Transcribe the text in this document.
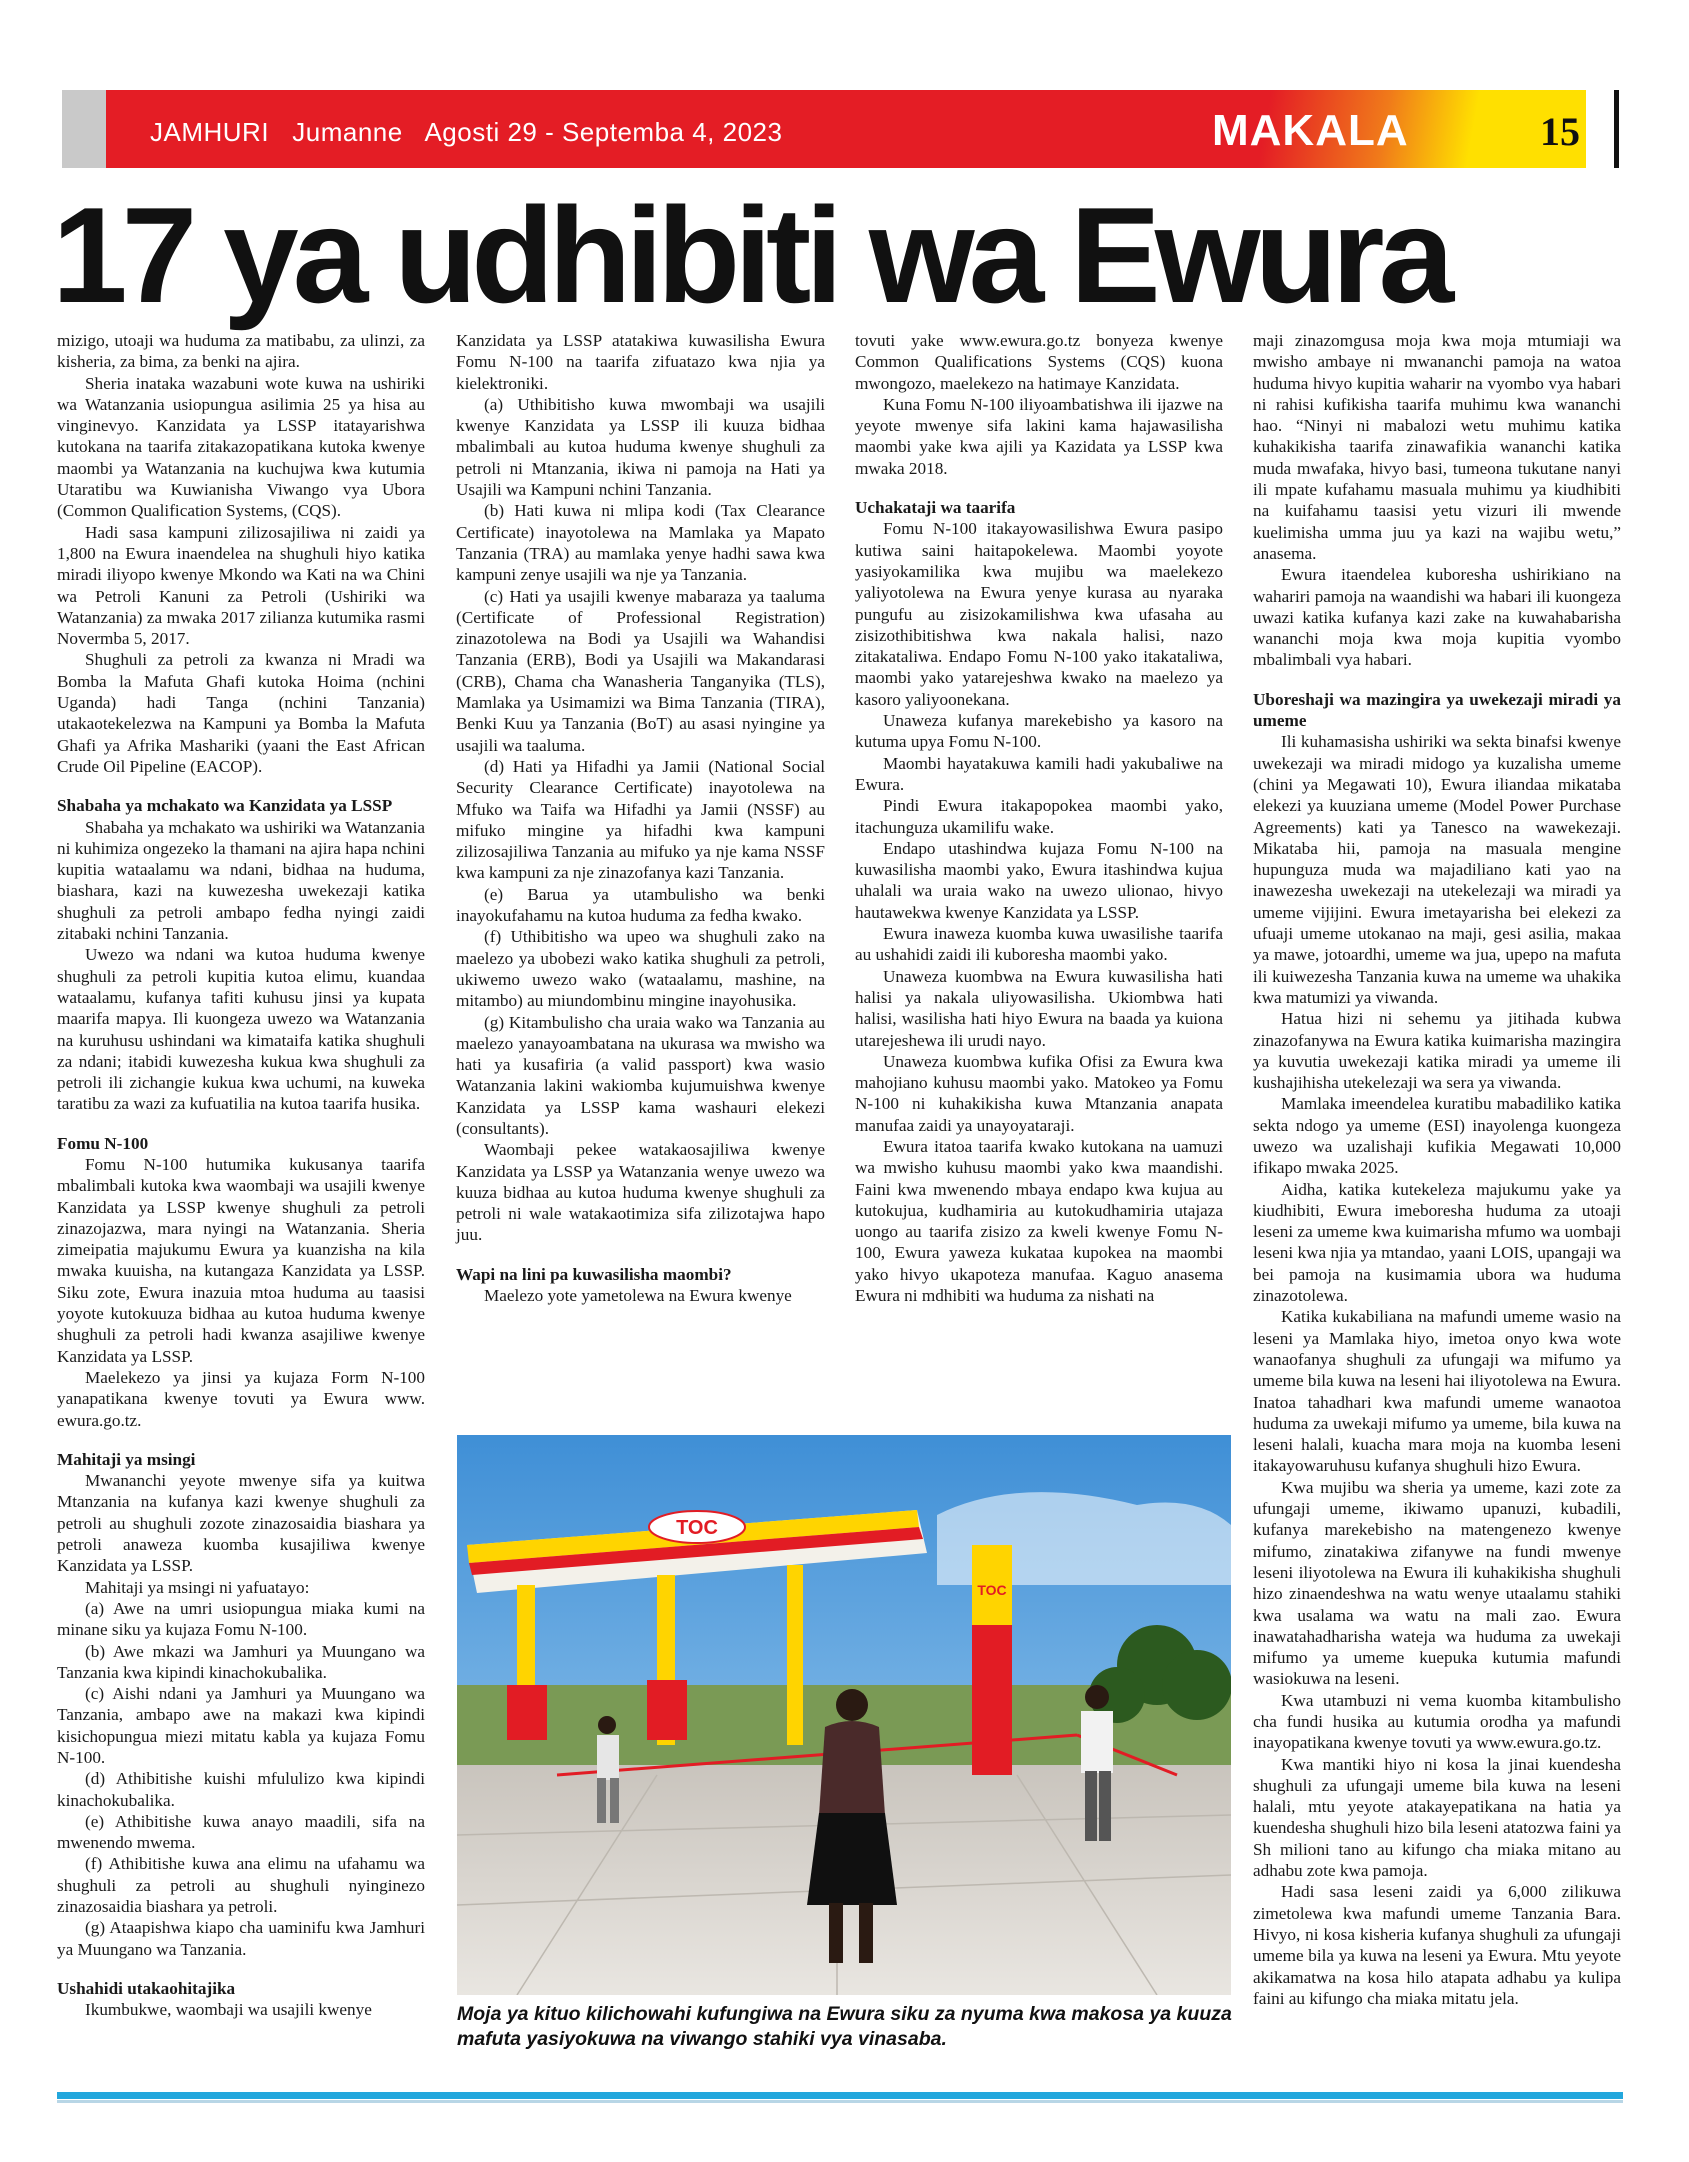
JAMHURI Jumanne Agosti 29 - Septemba 4, 2023	MAKALA	15
17 ya udhibiti wa Ewura

mizigo, utoaji wa huduma za matibabu, za ulinzi, za kisheria, za bima, za benki na ajira.

Sheria inataka wazabuni wote kuwa na ushiriki wa Watanzania usiopungua asilimia 25 ya hisa au vinginevyo. Kanzidata ya LSSP itatayarishwa kutokana na taarifa zitakazopatikana kutoka kwenye maombi ya Watanzania na kuchujwa kwa kutumia Utaratibu wa Kuwianisha Viwango vya Ubora (Common Qualification Systems, (CQS).

Hadi sasa kampuni zilizosajiliwa ni zaidi ya 1,800 na Ewura inaendelea na shughuli hiyo katika miradi iliyopo kwenye Mkondo wa Kati na wa Chini wa Petroli Kanuni za Petroli (Ushiriki wa Watanzania) za mwaka 2017 zilianza kutumika rasmi Novermba 5, 2017.

Shughuli za petroli za kwanza ni Mradi wa Bomba la Mafuta Ghafi kutoka Hoima (nchini Uganda) hadi Tanga (nchini Tanzania) utakaotekelezwa na Kampuni ya Bomba la Mafuta Ghafi ya Afrika Mashariki (yaani the East African Crude Oil Pipeline (EACOP).

Shabaha ya mchakato wa Kanzidata ya LSSP

Shabaha ya mchakato wa ushiriki wa Watanzania ni kuhimiza ongezeko la thamani na ajira hapa nchini kupitia wataalamu wa ndani, bidhaa na huduma, biashara, kazi na kuwezesha uwekezaji katika shughuli za petroli ambapo fedha nyingi zaidi zitabaki nchini Tanzania.

Uwezo wa ndani wa kutoa huduma kwenye shughuli za petroli kupitia kutoa elimu, kuandaa wataalamu, kufanya tafiti kuhusu jinsi ya kupata maarifa mapya. Ili kuongeza uwezo wa Watanzania na kuruhusu ushindani wa kimataifa katika shughuli za ndani; itabidi kuwezesha kukua kwa shughuli za petroli ili zichangie kukua kwa uchumi, na kuweka taratibu za wazi za kufuatilia na kutoa taarifa husika.

Fomu N-100

Fomu N-100 hutumika kukusanya taarifa mbalimbali kutoka kwa waombaji wa usajili kwenye Kanzidata ya LSSP kwenye shughuli za petroli zinazojazwa, mara nyingi na Watanzania. Sheria zimeipatia majukumu Ewura ya kuanzisha na kila mwaka kuuisha, na kutangaza Kanzidata ya LSSP. Siku zote, Ewura inazuia mtoa huduma au taasisi yoyote kutokuuza bidhaa au kutoa huduma kwenye shughuli za petroli hadi kwanza asajiliwe kwenye Kanzidata ya LSSP.

Maelekezo ya jinsi ya kujaza Form N-100 yanapatikana kwenye tovuti ya Ewura www. ewura.go.tz.

Mahitaji ya msingi

Mwananchi yeyote mwenye sifa ya kuitwa Mtanzania na kufanya kazi kwenye shughuli za petroli au shughuli zozote zinazosaidia biashara ya petroli anaweza kuomba kusajiliwa kwenye Kanzidata ya LSSP.

Mahitaji ya msingi ni yafuatayo:

(a) Awe na umri usiopungua miaka kumi na minane siku ya kujaza Fomu N-100.

(b) Awe mkazi wa Jamhuri ya Muungano wa Tanzania kwa kipindi kinachokubalika.

(c) Aishi ndani ya Jamhuri ya Muungano wa Tanzania, ambapo awe na makazi kwa kipindi kisichopungua miezi mitatu kabla ya kujaza Fomu N-100.

(d) Athibitishe kuishi mfululizo kwa kipindi kinachokubalika.

(e) Athibitishe kuwa anayo maadili, sifa na mwenendo mwema.

(f) Athibitishe kuwa ana elimu na ufahamu wa shughuli za petroli au shughuli nyinginezo zinazosaidia biashara ya petroli.

(g) Ataapishwa kiapo cha uaminifu kwa Jamhuri ya Muungano wa Tanzania.

Ushahidi utakaohitajika

Ikumbukwe, waombaji wa usajili kwenye

Kanzidata ya LSSP atatakiwa kuwasilisha Ewura Fomu N-100 na taarifa zifuatazo kwa njia ya kielektroniki.

(a) Uthibitisho kuwa mwombaji wa usajili kwenye Kanzidata ya LSSP ili kuuza bidhaa mbalimbali au kutoa huduma kwenye shughuli za petroli ni Mtanzania, ikiwa ni pamoja na Hati ya Usajili wa Kampuni nchini Tanzania.

(b) Hati kuwa ni mlipa kodi (Tax Clearance Certificate) inayotolewa na Mamlaka ya Mapato Tanzania (TRA) au mamlaka yenye hadhi sawa kwa kampuni zenye usajili wa nje ya Tanzania.

(c) Hati ya usajili kwenye mabaraza ya taaluma (Certificate of Professional Registration) zinazotolewa na Bodi ya Usajili wa Wahandisi Tanzania (ERB), Bodi ya Usajili wa Makandarasi (CRB), Chama cha Wanasheria Tanganyika (TLS), Mamlaka ya Usimamizi wa Bima Tanzania (TIRA), Benki Kuu ya Tanzania (BoT) au asasi nyingine ya usajili wa taaluma.

(d) Hati ya Hifadhi ya Jamii (National Social Security Clearance Certificate) inayotolewa na Mfuko wa Taifa wa Hifadhi ya Jamii (NSSF) au mifuko mingine ya hifadhi kwa kampuni zilizosajiliwa Tanzania au mifuko ya nje kama NSSF kwa kampuni za nje zinazofanya kazi Tanzania.

(e) Barua ya utambulisho wa benki inayokufahamu na kutoa huduma za fedha kwako.

(f) Uthibitisho wa upeo wa shughuli zako na maelezo ya ubobezi wako katika shughuli za petroli, ukiwemo uwezo wako (wataalamu, mashine, na mitambo) au miundombinu mingine inayohusika.

(g) Kitambulisho cha uraia wako wa Tanzania au maelezo yanayoambatana na ukurasa wa mwisho wa hati ya kusafiria (a valid passport) kwa wasio Watanzania lakini wakiomba kujumuishwa kwenye Kanzidata ya LSSP kama washauri elekezi (consultants).

Waombaji pekee watakaosajiliwa kwenye Kanzidata ya LSSP ya Watanzania wenye uwezo wa kuuza bidhaa au kutoa huduma kwenye shughuli za petroli ni wale watakaotimiza sifa zilizotajwa hapo juu.

Wapi na lini pa kuwasilisha maombi?

Maelezo yote yametolewa na Ewura kwenye

tovuti yake www.ewura.go.tz bonyeza kwenye Common Qualifications Systems (CQS) kuona mwongozo, maelekezo na hatimaye Kanzidata.

Kuna Fomu N-100 iliyoambatishwa ili ijazwe na yeyote mwenye sifa lakini kama hajawasilisha maombi yake kwa ajili ya Kazidata ya LSSP kwa mwaka 2018.

Uchakataji wa taarifa

Fomu N-100 itakayowasilishwa Ewura pasipo kutiwa saini haitapokelewa. Maombi yoyote yasiyokamilika kwa mujibu wa maelekezo yaliyotolewa na Ewura yenye kurasa au nyaraka pungufu au zisizokamilishwa kwa ufasaha au zisizothibitishwa kwa nakala halisi, nazo zitakataliwa. Endapo Fomu N-100 yako itakataliwa, maombi yako yatarejeshwa kwako na maelezo ya kasoro yaliyoonekana.

Unaweza kufanya marekebisho ya kasoro na kutuma upya Fomu N-100.

Maombi hayatakuwa kamili hadi yakubaliwe na Ewura.

Pindi Ewura itakapopokea maombi yako, itachunguza ukamilifu wake.

Endapo utashindwa kujaza Fomu N-100 na kuwasilisha maombi yako, Ewura itashindwa kujua uhalali wa uraia wako na uwezo ulionao, hivyo hautawekwa kwenye Kanzidata ya LSSP.

Ewura inaweza kuomba kuwa uwasilishe taarifa au ushahidi zaidi ili kuboresha maombi yako.

Unaweza kuombwa na Ewura kuwasilisha hati halisi ya nakala uliyowasilisha. Ukiombwa hati halisi, wasilisha hati hiyo Ewura na baada ya kuiona utarejeshewa ili urudi nayo.

Unaweza kuombwa kufika Ofisi za Ewura kwa mahojiano kuhusu maombi yako. Matokeo ya Fomu N-100 ni kuhakikisha kuwa Mtanzania anapata manufaa zaidi ya unayoyataraji.

Ewura itatoa taarifa kwako kutokana na uamuzi wa mwisho kuhusu maombi yako kwa maandishi. Faini kwa mwenendo mbaya endapo kwa kujua au kutokujua, kudhamiria au kutokudhamiria utajaza uongo au taarifa zisizo za kweli kwenye Fomu N-100, Ewura yaweza kukataa kupokea na maombi yako hivyo ukapoteza manufaa. Kaguo anasema Ewura ni mdhibiti wa huduma za nishati na

maji zinazomgusa moja kwa moja mtumiaji wa mwisho ambaye ni mwananchi pamoja na watoa huduma hivyo kupitia waharir na vyombo vya habari ni rahisi kufikisha taarifa muhimu kwa wananchi hao. “Ninyi ni mabalozi wetu muhimu katika kuhakikisha taarifa zinawafikia wananchi katika muda mwafaka, hivyo basi, tumeona tukutane nanyi ili mpate kufahamu masuala muhimu ya kiudhibiti na kuifahamu taasisi yetu vizuri ili mwende kuelimisha umma juu ya kazi na wajibu wetu,” anasema.

Ewura itaendelea kuboresha ushirikiano na wahariri pamoja na waandishi wa habari ili kuongeza uwazi katika kufanya kazi zake na kuwahabarisha wananchi moja kwa moja kupitia vyombo mbalimbali vya habari.

Uboreshaji wa mazingira ya uwekezaji miradi ya umeme

Ili kuhamasisha ushiriki wa sekta binafsi kwenye uwekezaji wa miradi midogo ya kuzalisha umeme (chini ya Megawati 10), Ewura iliandaa mikataba elekezi ya kuuziana umeme (Model Power Purchase Agreements) kati ya Tanesco na wawekezaji. Mikataba hii, pamoja na masuala mengine hupunguza muda wa majadiliano kati yao na inawezesha uwekezaji na utekelezaji wa miradi ya umeme vijijini. Ewura imetayarisha bei elekezi za ufuaji umeme utokanao na maji, gesi asilia, makaa ya mawe, jotoardhi, umeme wa jua, upepo na mafuta ili kuiwezesha Tanzania kuwa na umeme wa uhakika kwa matumizi ya viwanda.

Hatua hizi ni sehemu ya jitihada kubwa zinazofanywa na Ewura katika kuimarisha mazingira ya kuvutia uwekezaji katika miradi ya umeme ili kushajihisha utekelezaji wa sera ya viwanda.

Mamlaka imeendelea kuratibu mabadiliko katika sekta ndogo ya umeme (ESI) inayolenga kuongeza uwezo wa uzalishaji kufikia Megawati 10,000 ifikapo mwaka 2025.

Aidha, katika kutekeleza majukumu yake ya kiudhibiti, Ewura imeboresha huduma za utoaji leseni za umeme kwa kuimarisha mfumo wa uombaji leseni kwa njia ya mtandao, yaani LOIS, upangaji wa bei pamoja na kusimamia ubora wa huduma zinazotolewa.

Katika kukabiliana na mafundi umeme wasio na leseni ya Mamlaka hiyo, imetoa onyo kwa wote wanaofanya shughuli za ufungaji wa mifumo ya umeme bila kuwa na leseni hai iliyotolewa na Ewura. Inatoa tahadhari kwa mafundi umeme wanaotoa huduma za uwekaji mifumo ya umeme, bila kuwa na leseni halali, kuacha mara moja na kuomba leseni itakayowaruhusu kufanya shughuli hizo Ewura.

Kwa mujibu wa sheria ya umeme, kazi zote za ufungaji umeme, ikiwamo upanuzi, kubadili, kufanya marekebisho na matengenezo kwenye mifumo, zinatakiwa zifanywe na fundi mwenye leseni iliyotolewa na Ewura ili kuhakikisha shughuli hizo zinaendeshwa na watu wenye utaalamu stahiki kwa usalama wa watu na mali zao. Ewura inawatahadharisha wateja wa huduma za uwekaji mifumo ya umeme kuepuka kutumia mafundi wasiokuwa na leseni.

Kwa utambuzi ni vema kuomba kitambulisho cha fundi husika au kutumia orodha ya mafundi inayopatikana kwenye tovuti ya www.ewura.go.tz.

Kwa mantiki hiyo ni kosa la jinai kuendesha shughuli za ufungaji umeme bila kuwa na leseni halali, mtu yeyote atakayepatikana na hatia ya kuendesha shughuli hizo bila leseni atatozwa faini ya Sh milioni tano au kifungo cha miaka mitano au adhabu zote kwa pamoja.

Hadi sasa leseni zaidi ya 6,000 zilikuwa zimetolewa kwa mafundi umeme Tanzania Bara. Hivyo, ni kosa kisheria kufanya shughuli za ufungaji umeme bila ya kuwa na leseni ya Ewura. Mtu yeyote akikamatwa na kosa hilo atapata adhabu ya kulipa faini au kifungo cha miaka mitatu jela.

TOC
TOC
Moja ya kituo kilichowahi kufungiwa na Ewura siku za nyuma kwa makosa ya kuuza mafuta yasiyokuwa na viwango stahiki vya vinasaba.
